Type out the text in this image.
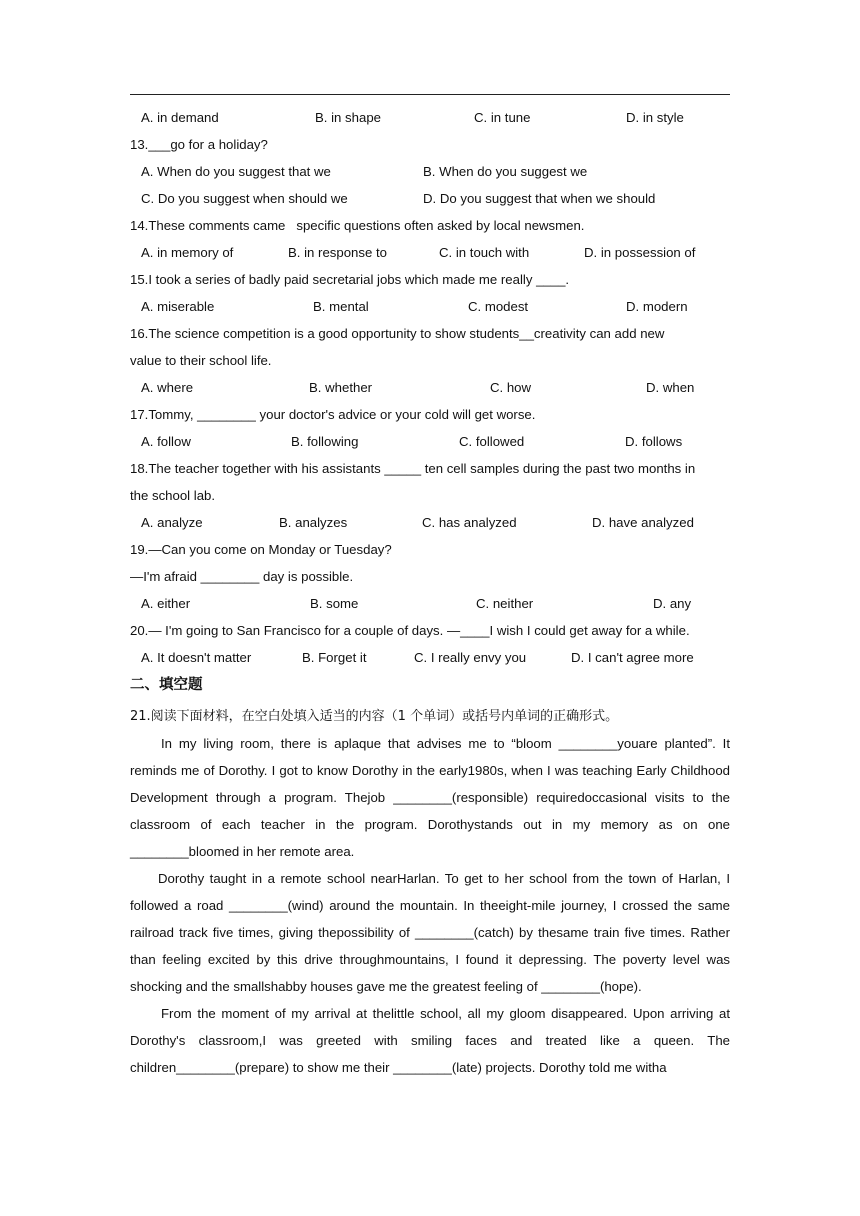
A. in demand	B. in shape	C. in tune	D. in style
13.___go for a holiday?
A. When do you suggest that we	B. When do you suggest we
C. Do you suggest when should we	D. Do you suggest that when we should
14.These comments came   specific questions often asked by local newsmen.
A. in memory of	B. in response to	C. in touch with	D. in possession of
15.I took a series of badly paid secretarial jobs which made me really ____.
A. miserable	B. mental	C. modest	D. modern
16.The science competition is a good opportunity to show students__creativity can add new
value to their school life.
A. where	B. whether	C. how	D. when
17.Tommy, ________ your doctor's advice or your cold will get worse.
A. follow	B. following	C. followed	D. follows
18.The teacher together with his assistants _____ ten cell samples during the past two months in
the school lab.
A. analyze	B. analyzes	C. has analyzed	D. have analyzed
19.—Can you come on Monday or Tuesday?
—I'm afraid ________ day is possible.
A. either	B. some	C. neither	D. any
20.— I'm going to San Francisco for a couple of days. —____I wish I could get away for a while.
A. It doesn't matter	B. Forget it	C. I really envy you	D. I can't agree more
二、填空题
21.阅读下面材料，在空白处填入适当的内容（1 个单词）或括号内单词的正确形式。
In my living room, there is aplaque that advises me to “bloom ________youare planted”. It reminds me of Dorothy. I got to know Dorothy in the early1980s, when I was teaching Early Childhood Development through a program. Thejob ________(responsible) requiredoccasional visits to the classroom of each teacher in the program. Dorothystands out in my memory as on one ________bloomed in her remote area.
Dorothy taught in a remote school nearHarlan. To get to her school from the town of Harlan, I followed a road ________(wind) around the mountain. In theeight-mile journey, I crossed the same railroad track five times, giving thepossibility of ________(catch) by thesame train five times. Rather than feeling excited by this drive throughmountains, I found it depressing. The poverty level was shocking and the smallshabby houses gave me the greatest feeling of ________(hope).
From the moment of my arrival at thelittle school, all my gloom disappeared. Upon arriving at Dorothy's classroom,I was greeted with smiling faces and treated like a queen. The children________(prepare) to show me their ________(late) projects. Dorothy told me witha
